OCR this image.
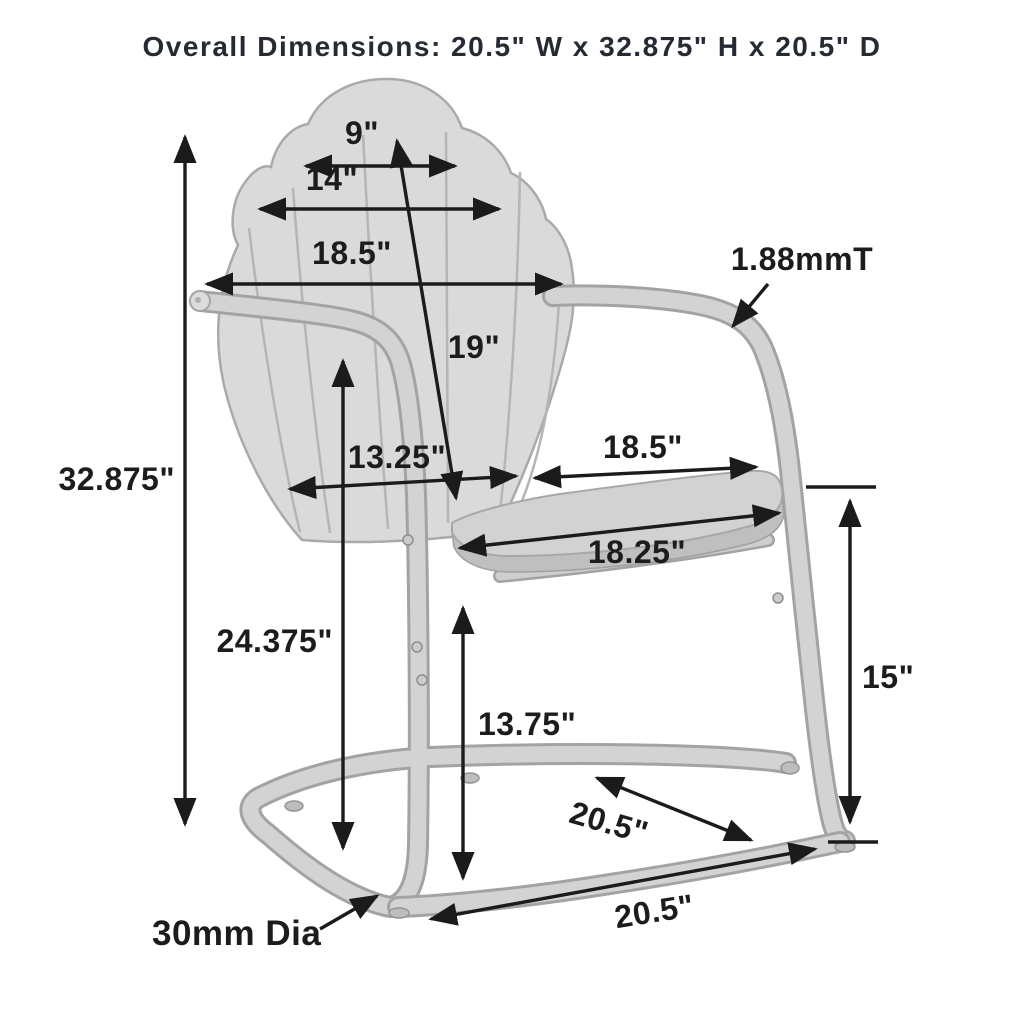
9"
14"
18.5"
19"
1.88mmT
32.875"
13.25"	18.5"
18.25"
24.375"
13.75"
15"
20.5"
20.5"
30mm Dia
Overall Dimensions: 20.5" W x 32.875" H x 20.5" D
